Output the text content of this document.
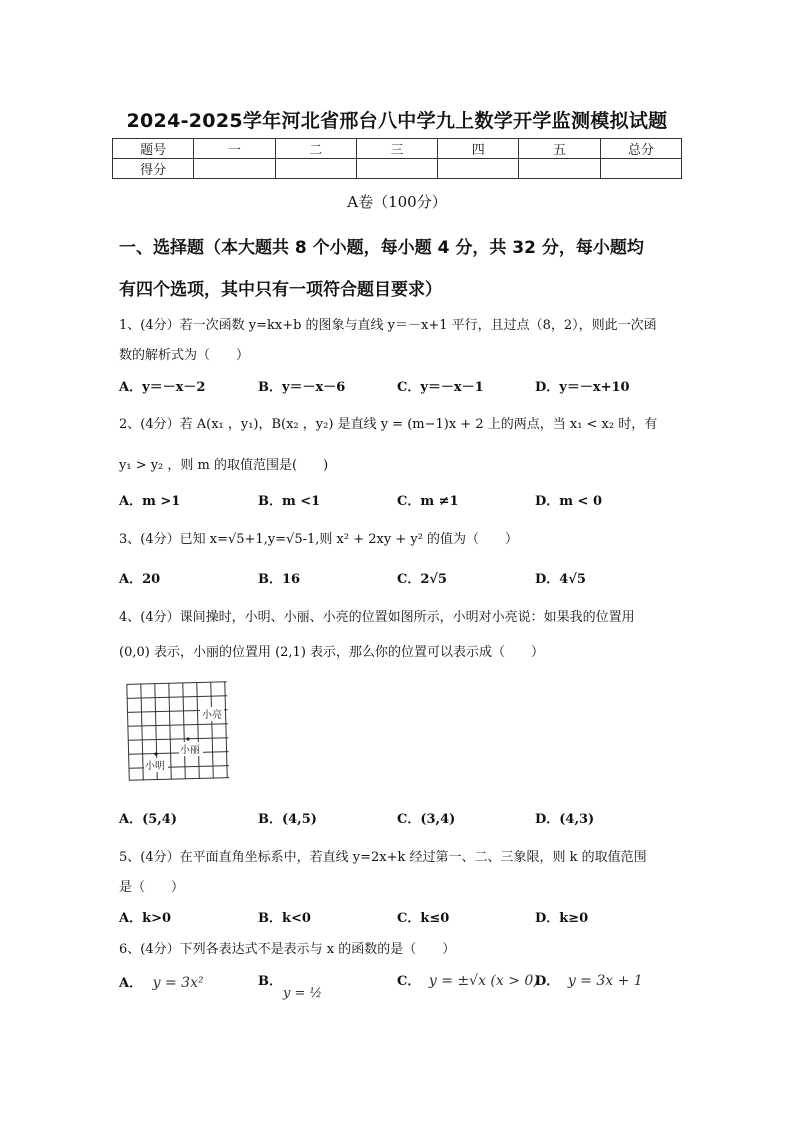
2024-2025学年河北省邢台八中学九上数学开学监测模拟试题
题号	一	二	三	四	五	总分
得分						
A卷（100分）
一、选择题（本大题共 8 个小题，每小题 4 分，共 32 分，每小题均
有四个选项，其中只有一项符合题目要求）
1、(4分）若一次函数 y=kx+b 的图象与直线 y＝－x+1 平行，且过点（8，2），则此一次函
数的解析式为（　　）
A．y＝－x－2	B．y＝－x－6	C．y＝－x－1	D．y＝－x+10
2、(4分）若 A(x₁ ，y₁)，B(x₂ ，y₂) 是直线 y = (m−1)x + 2 上的两点，当 x₁ < x₂ 时，有
y₁ > y₂ ，则 m 的取值范围是(　　)
A．m >1	B．m <1	C．m ≠1	D．m < 0
3、(4分）已知 x=√5+1,y=√5-1,则 x² + 2xy + y² 的值为（　　）
A．20	B．16	C．2√5	D．4√5
4、(4分）课间操时，小明、小丽、小亮的位置如图所示，小明对小亮说：如果我的位置用
(0,0) 表示，小丽的位置用 (2,1) 表示，那么你的位置可以表示成（　　）
小亮
小丽
小明
A．(5,4)	B．(4,5)	C．(3,4)	D．(4,3)
5、(4分）在平面直角坐标系中，若直线 y=2x+k 经过第一、二、三象限，则 k 的取值范围
是（　　）
A．k>0	B．k<0	C．k≤0	D．k≥0
6、(4分）下列各表达式不是表示与 x 的函数的是（　　）
A． y = 3x²	B．
y = ½
C． y = ±√x (x > 0)
D． y = 3x + 1
